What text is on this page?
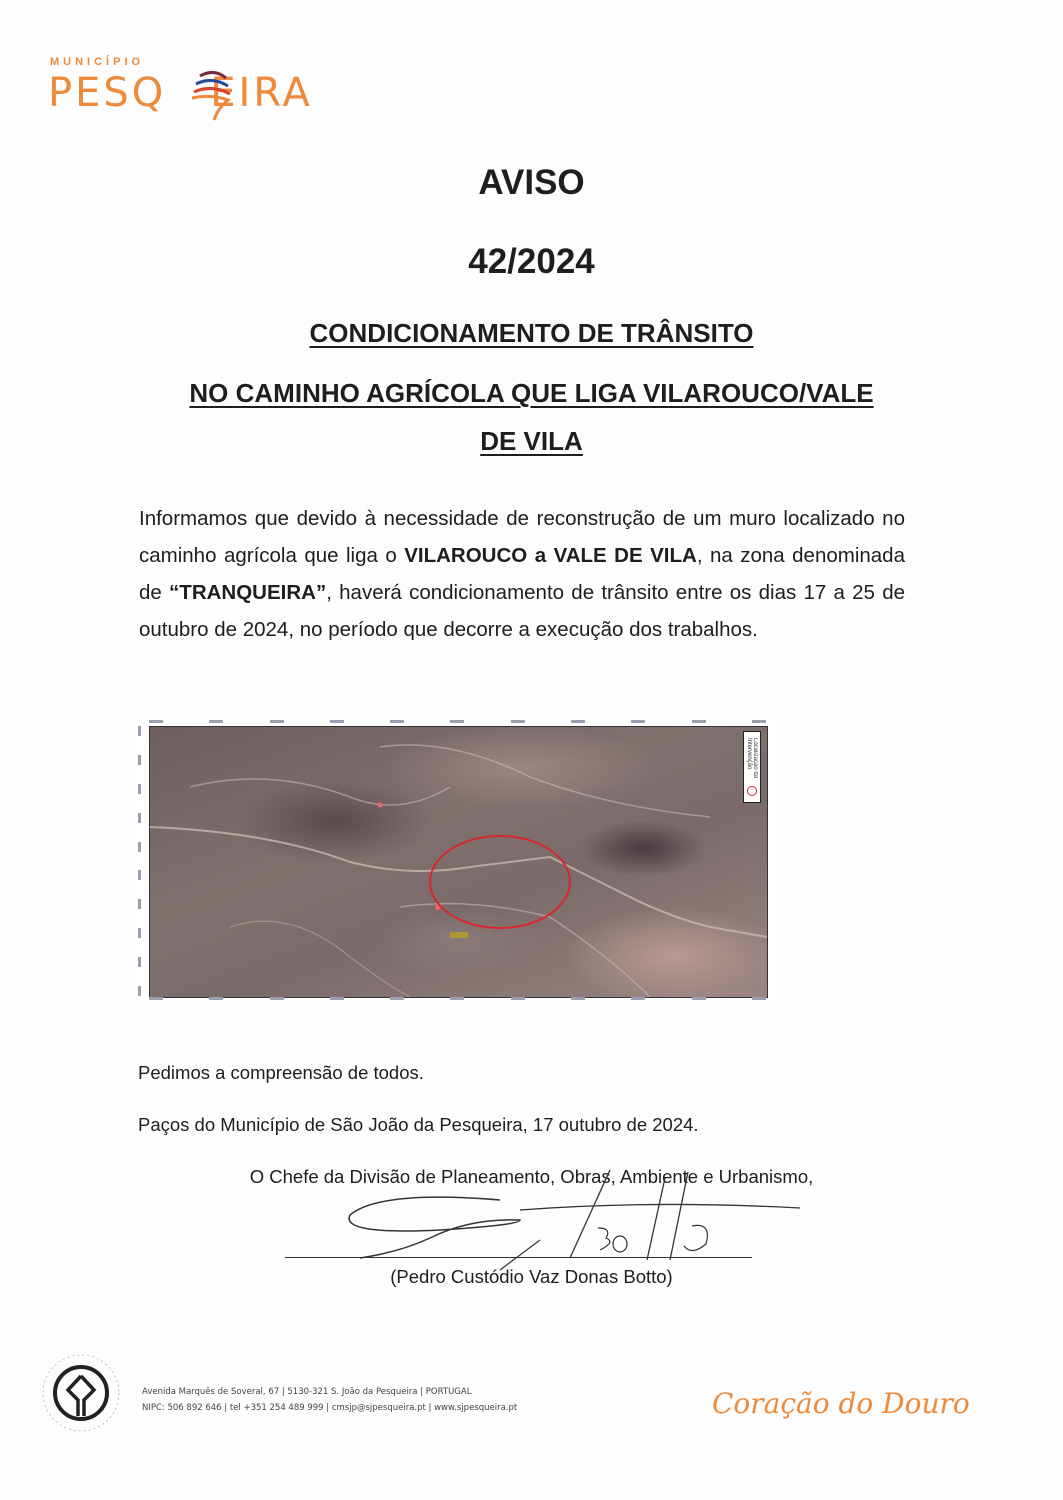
MUNICÍPIO
PESQ EIRA
AVISO
42/2024
CONDICIONAMENTO DE TRÂNSITO
NO CAMINHO AGRÍCOLA QUE LIGA VILAROUCO/VALE
DE VILA
Informamos que devido à necessidade de reconstrução de um muro localizado no caminho agrícola que liga o VILAROUCO a VALE DE VILA, na zona denominada de “TRANQUEIRA”, haverá condicionamento de trânsito entre os dias 17 a 25 de outubro de 2024, no período que decorre a execução dos trabalhos.
Localização da Intervenção
Pedimos a compreensão de todos.
Paços do Município de São João da Pesqueira, 17 outubro de 2024.
O Chefe da Divisão de Planeamento, Obras, Ambiente e Urbanismo,
(Pedro Custódio Vaz Donas Botto)
Avenida Marquês de Soveral, 67 | 5130-321 S. João da Pesqueira | PORTUGAL
NIPC: 506 892 646 | tel +351 254 489 999 | cmsjp@sjpesqueira.pt | www.sjpesqueira.pt	Coração do Douro
